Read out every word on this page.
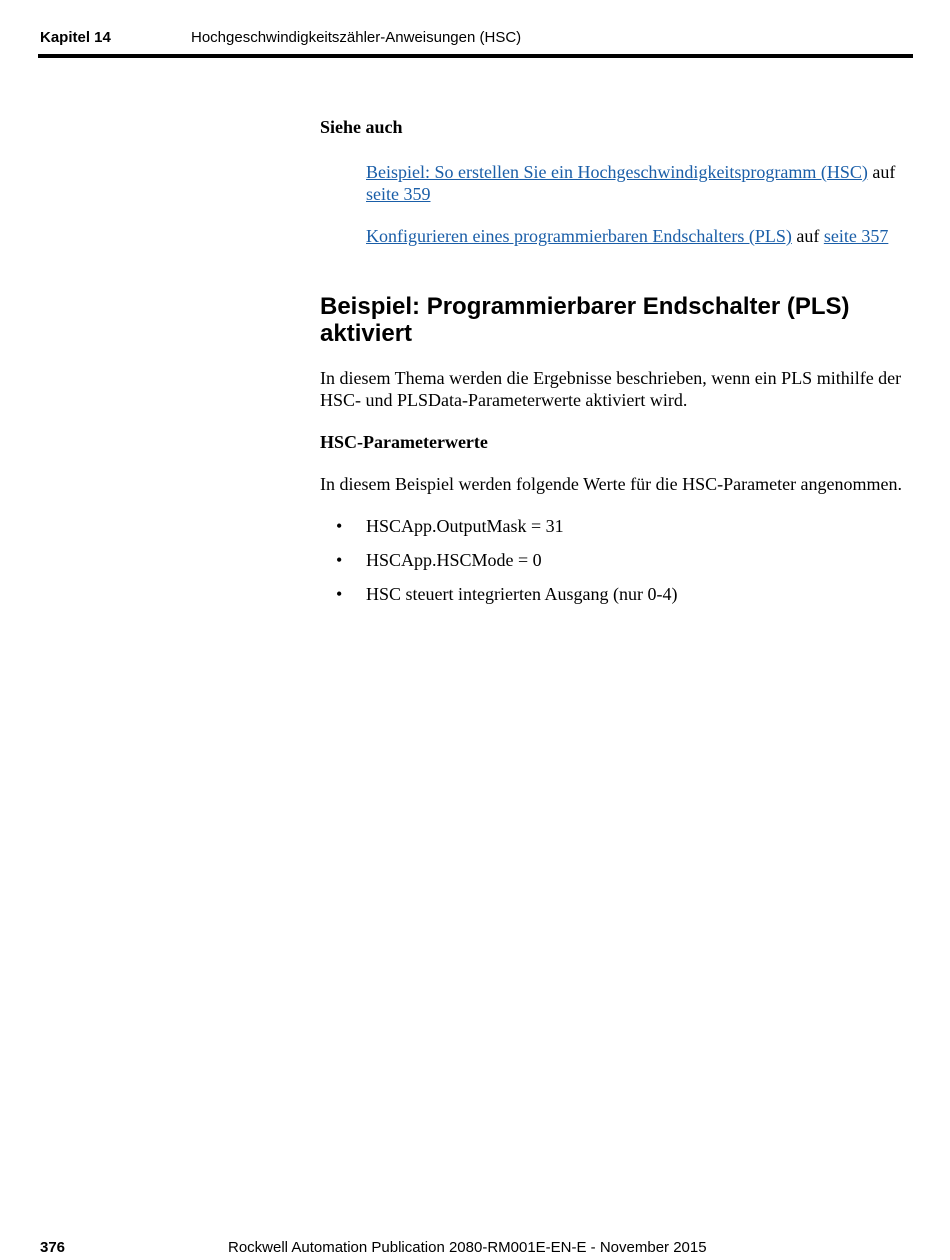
Kapitel 14	Hochgeschwindigkeitszähler-Anweisungen (HSC)
Siehe auch
Beispiel: So erstellen Sie ein Hochgeschwindigkeitsprogramm (HSC) auf seite 359
Konfigurieren eines programmierbaren Endschalters (PLS) auf seite 357
Beispiel: Programmierbarer Endschalter (PLS) aktiviert
In diesem Thema werden die Ergebnisse beschrieben, wenn ein PLS mithilfe der HSC- und PLSData-Parameterwerte aktiviert wird.
HSC-Parameterwerte
In diesem Beispiel werden folgende Werte für die HSC-Parameter angenommen.
• HSCApp.OutputMask = 31
• HSCApp.HSCMode = 0
• HSC steuert integrierten Ausgang (nur 0-4)
376	Rockwell Automation Publication 2080-RM001E-EN-E - November 2015
